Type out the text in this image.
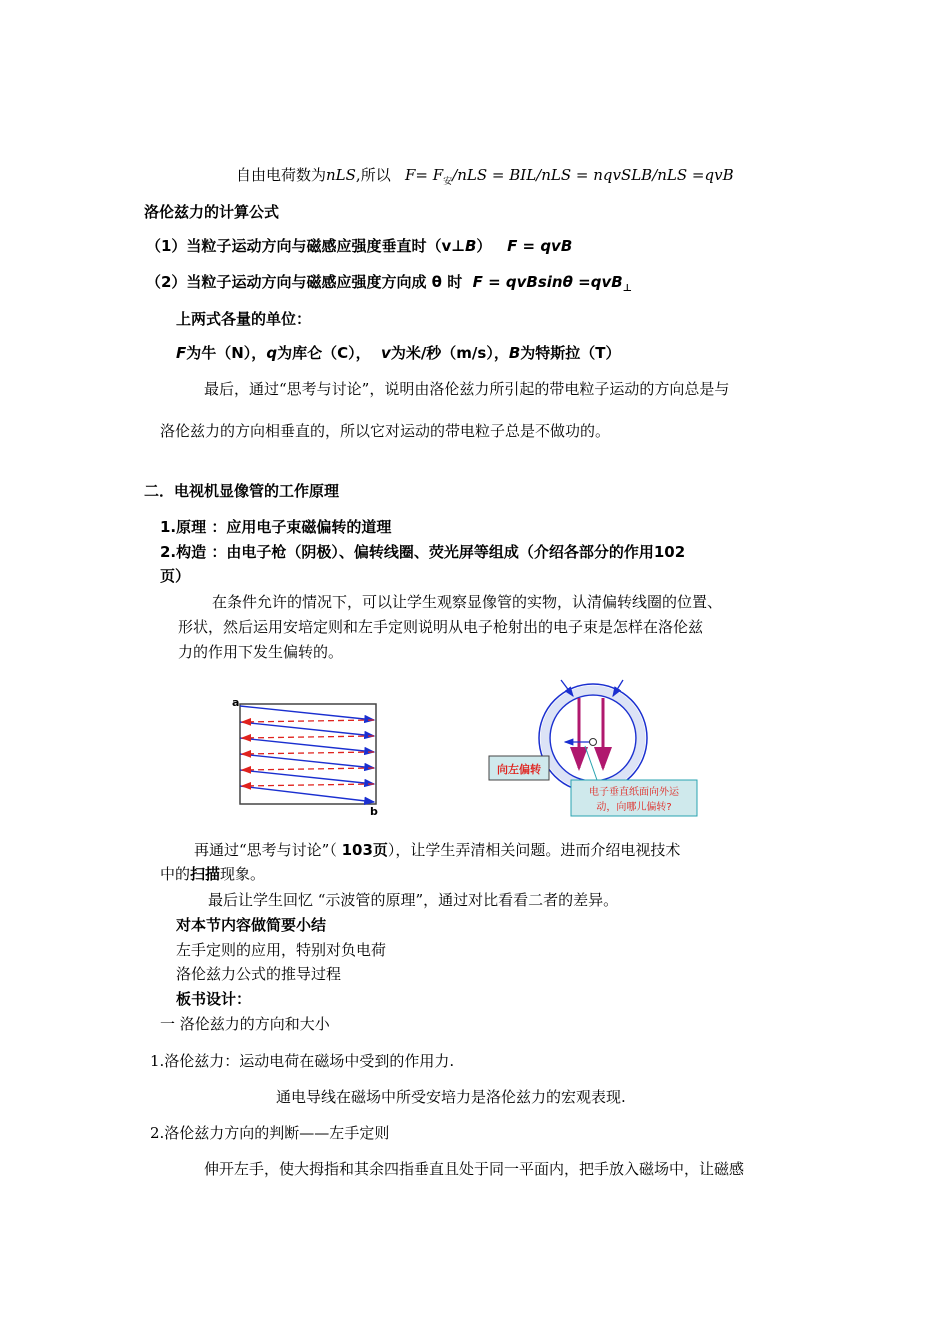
自由电荷数为nLS,所以 $F= F_安$/nLS = BIL/nLS = nqvSLB/nLS =qvB
洛伦兹力的计算公式
（1）当粒子运动方向与磁感应强度垂直时（v⊥B） F = qvB
（2）当粒子运动方向与磁感应强度方向成 θ 时 F = qvBsinθ =qvB$_\perp$
上两式各量的单位：
F为牛（N），q为库仑（C）， v为米/秒（m/s），B为特斯拉（T）
最后，通过“思考与讨论”，说明由洛伦兹力所引起的带电粒子运动的方向总是与
洛伦兹力的方向相垂直的，所以它对运动的带电粒子总是不做功的。
二．电视机显像管的工作原理
1.原理 ：应用电子束磁偏转的道理
2.构造 ：由电子枪（阴极）、偏转线圈、荧光屏等组成（介绍各部分的作用102
页）
在条件允许的情况下，可以让学生观察显像管的实物，认清偏转线圈的位置、
形状，然后运用安培定则和左手定则说明从电子枪射出的电子束是怎样在洛伦兹
力的作用下发生偏转的。
a
b
向左偏转
电子垂直纸面向外运
动，向哪儿偏转?
再通过“思考与讨论”（ 103页），让学生弄清相关问题。进而介绍电视技术
中的扫描现象。
最后让学生回忆 “示波管的原理”，通过对比看看二者的差异。
对本节内容做简要小结
左手定则的应用，特别对负电荷
洛伦兹力公式的推导过程
板书设计：
一 洛伦兹力的方向和大小
1.洛伦兹力：运动电荷在磁场中受到的作用力.
通电导线在磁场中所受安培力是洛伦兹力的宏观表现.
2.洛伦兹力方向的判断——左手定则
伸开左手，使大拇指和其余四指垂直且处于同一平面内，把手放入磁场中，让磁感
